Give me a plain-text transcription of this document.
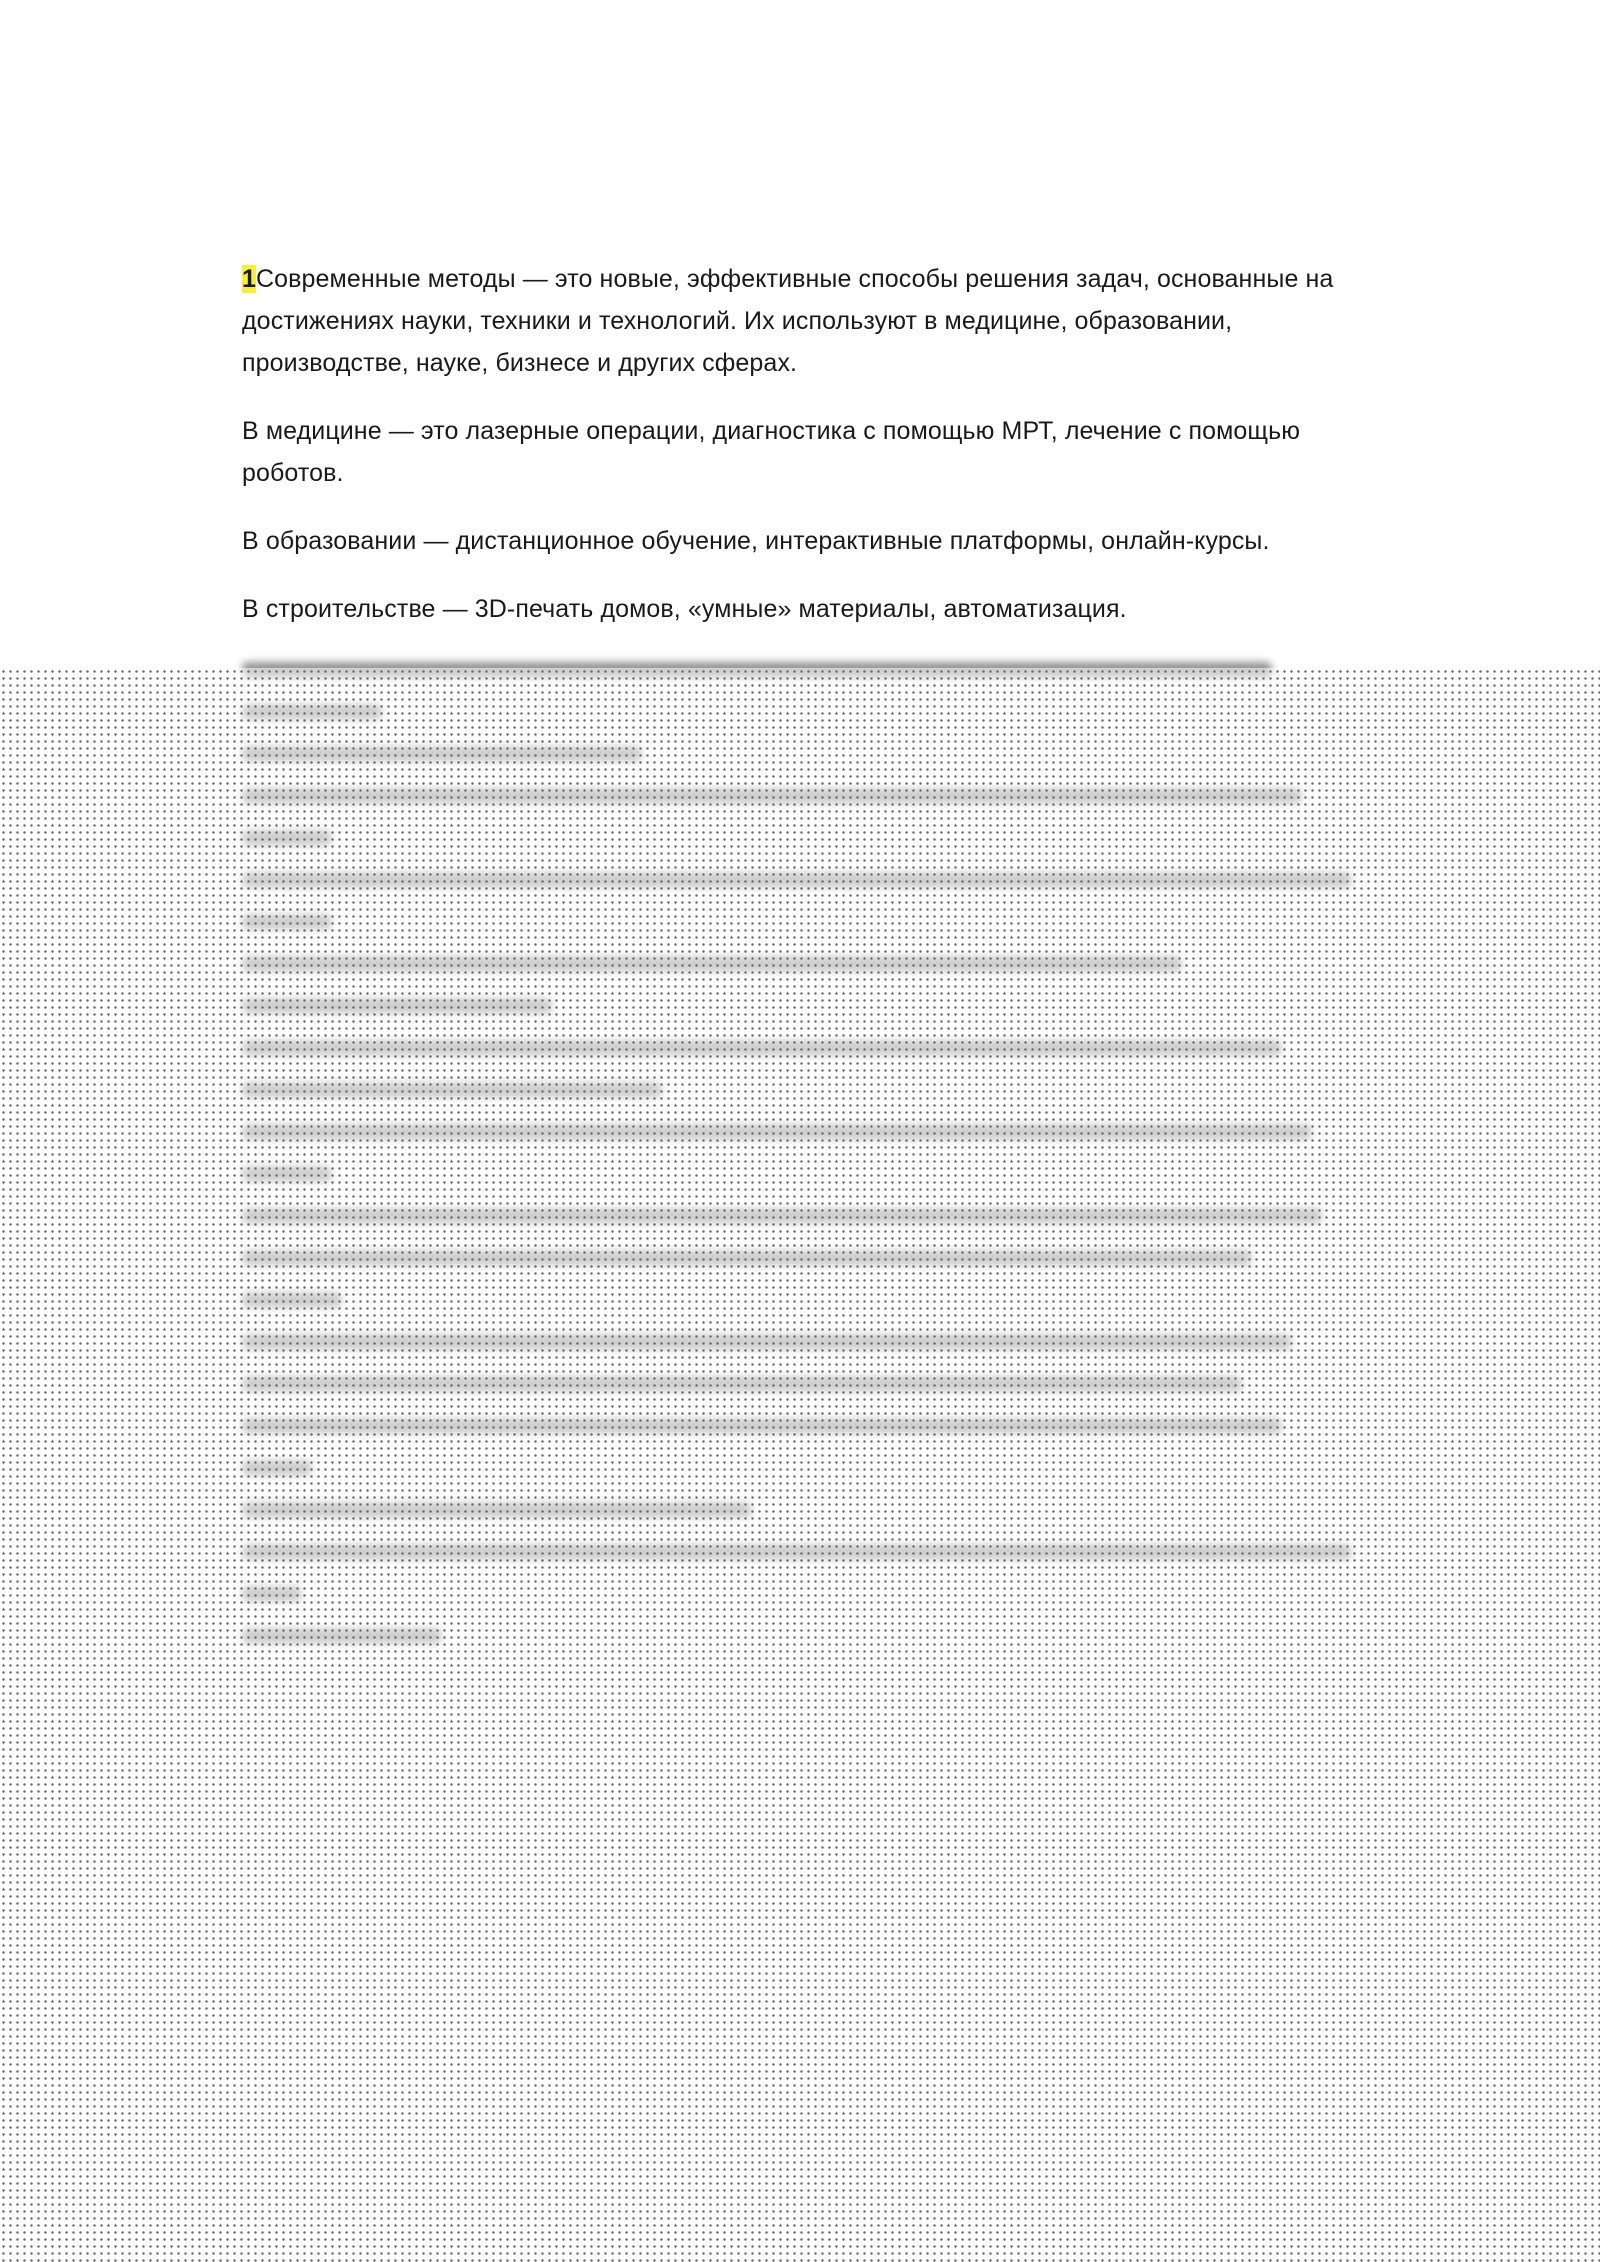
1Современные методы — это новые, эффективные способы решения задач, основанные на достижениях науки, техники и технологий. Их используют в медицине, образовании, производстве, науке, бизнесе и других сферах.

В медицине — это лазерные операции, диагностика с помощью МРТ, лечение с помощью роботов.

В образовании — дистанционное обучение, интерактивные платформы, онлайн-курсы.

В строительстве — 3D-печать домов, «умные» материалы, автоматизация.
